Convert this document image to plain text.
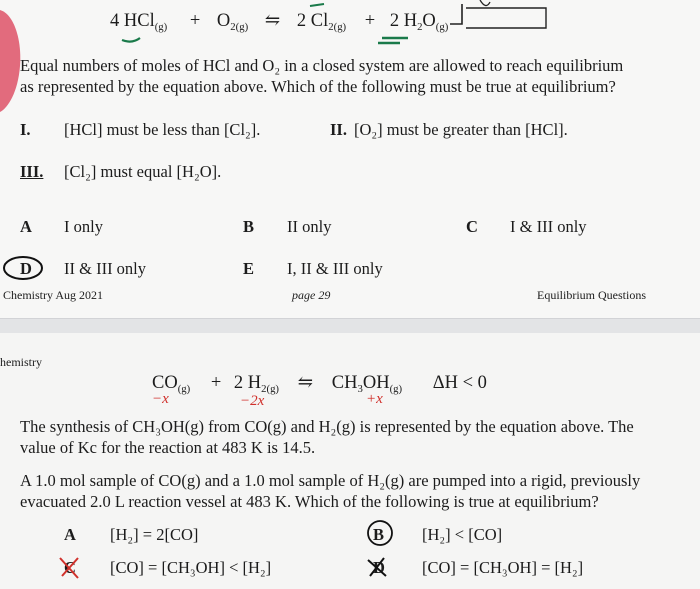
4 $HCl_{(g)} + O_{2(g)}$ ⇋ 2 $Cl_{2(g)} + 2$ $H_2O_{(g)}$
Equal numbers of moles of HCl and O₂ in a closed system are allowed to reach equilibrium
as represented by the equation above. Which of the following must be true at equilibrium?
I. [HCl] must be less than [Cl₂].	II. [O₂] must be greater than [HCl].
III. [Cl₂] must equal [H₂O].
A I only	B II only	C I & III only
D II & III only	E I, II & III only
Chemistry Aug 2021	page 29	Equilibrium Questions
hemistry
$CO_{(g)} + 2$ $H_{2(g)}$ ⇋ $CH_3OH_{(g)}$ ΔH < 0
−x	−2x	+x
The synthesis of CH₃OH(g) from CO(g) and H₂(g) is represented by the equation above. The
value of Kc for the reaction at 483 K is 14.5.
A 1.0 mol sample of CO(g) and a 1.0 mol sample of H₂(g) are pumped into a rigid, previously
evacuated 2.0 L reaction vessel at 483 K. Which of the following is true at equilibrium?
A [H₂] = 2[CO]	B [H₂] < [CO]
C [CO] = [CH₃OH] < [H₂]	D [CO] = [CH₃OH] = [H₂]
